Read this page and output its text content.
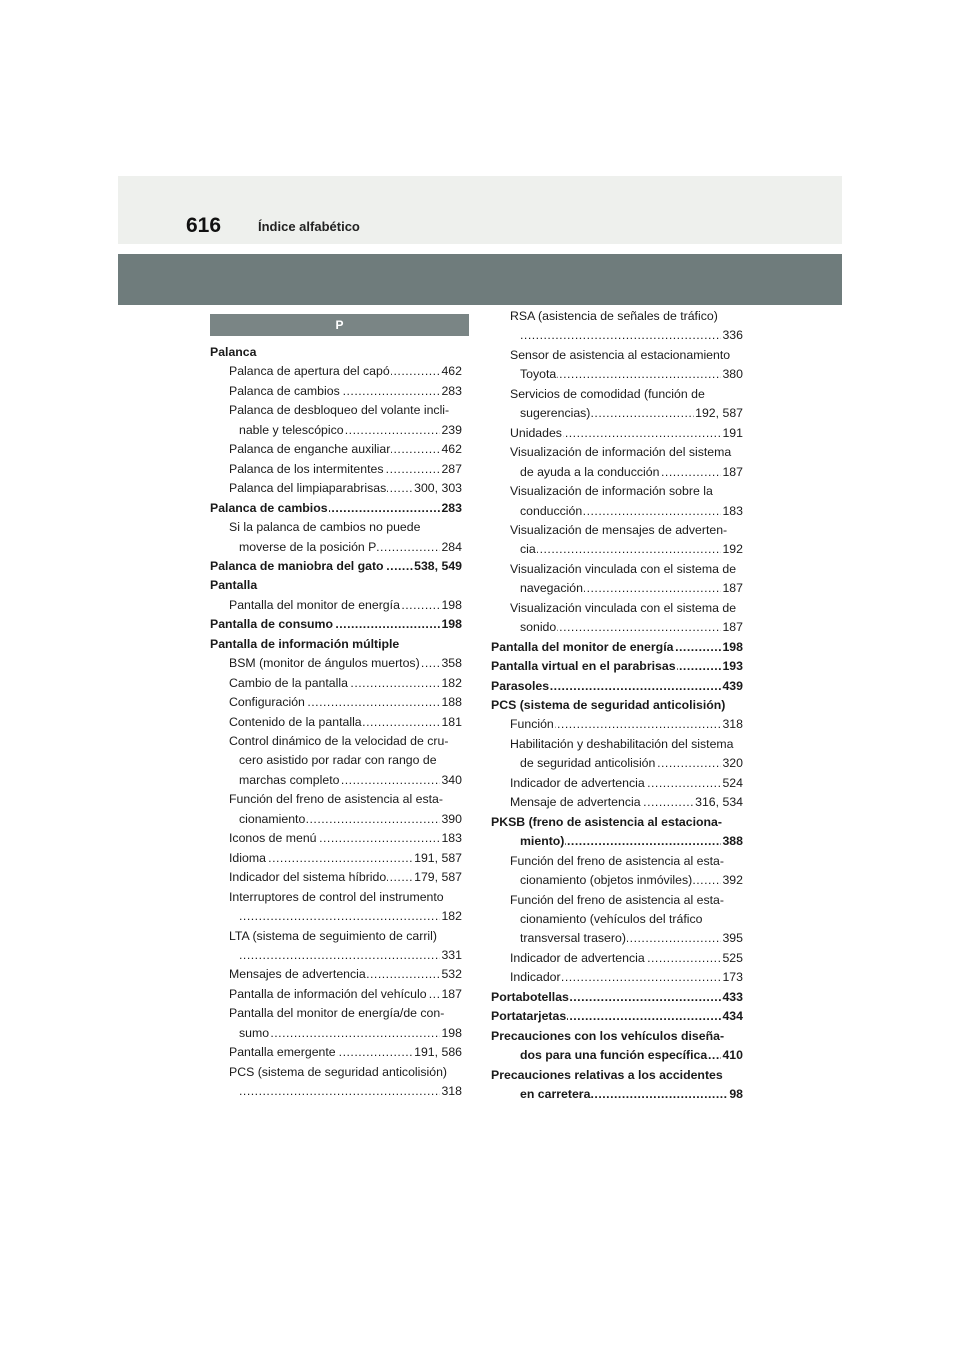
616	Índice alfabético
P
Palanca
..... Palanca de apertura del capó	462
..... Palanca de cambios	283
Palanca de desbloqueo del volante incli-
..... nable y telescópico	239
..... Palanca de enganche auxiliar	462
..... Palanca de los intermitentes	287
..... Palanca del limpiaparabrisas 300, 303
..... Palanca de cambios	283
Si la palanca de cambios no puede
..... moverse de la posición P	284
..... Palanca de maniobra del gato 538, 549
Pantalla
..... Pantalla del monitor de energía	198
..... Pantalla de consumo	198
Pantalla de información múltiple
..... BSM (monitor de ángulos muertos) 358
..... Cambio de la pantalla	182
..... Configuración	188
..... Contenido de la pantalla	181
Control dinámico de la velocidad de cru-
cero asistido por radar con rango de
..... marchas completo	340
Función del freno de asistencia al esta-
..... cionamiento	390
..... Iconos de menú	183
..... Idioma	191, 587
..... Indicador del sistema híbrido 179, 587
Interruptores de control del instrumento
..... 182
LTA (sistema de seguimiento de carril)
..... 331
..... Mensajes de advertencia	532
..... Pantalla de información del vehículo 187
Pantalla del monitor de energía/de con-
..... sumo	198
..... Pantalla emergente	191, 586
PCS (sistema de seguridad anticolisión)
..... 318
RSA (asistencia de señales de tráfico)
..... 336
Sensor de asistencia al estacionamiento
..... Toyota	380
Servicios de comodidad (función de
..... sugerencias)	192, 587
..... Unidades	191
Visualización de información del sistema
..... de ayuda a la conducción	187
Visualización de información sobre la
..... conducción	183
Visualización de mensajes de adverten-
..... cia	192
Visualización vinculada con el sistema de
..... navegación	187
Visualización vinculada con el sistema de
..... sonido	187
..... Pantalla del monitor de energía	198
..... Pantalla virtual en el parabrisas	193
..... Parasoles	439
PCS (sistema de seguridad anticolisión)
..... Función	318
Habilitación y deshabilitación del sistema
..... de seguridad anticolisión	320
..... Indicador de advertencia	524
..... Mensaje de advertencia	316, 534
PKSB (freno de asistencia al estaciona-
..... miento)	388
Función del freno de asistencia al esta-
..... cionamiento (objetos inmóviles) 392
Función del freno de asistencia al esta-
cionamiento (vehículos del tráfico
..... transversal trasero)	395
..... Indicador de advertencia	525
..... Indicador	173
..... Portabotellas	433
..... Portatarjetas	434
Precauciones con los vehículos diseña-
..... dos para una función específica 410
Precauciones relativas a los accidentes
..... en carretera	98
